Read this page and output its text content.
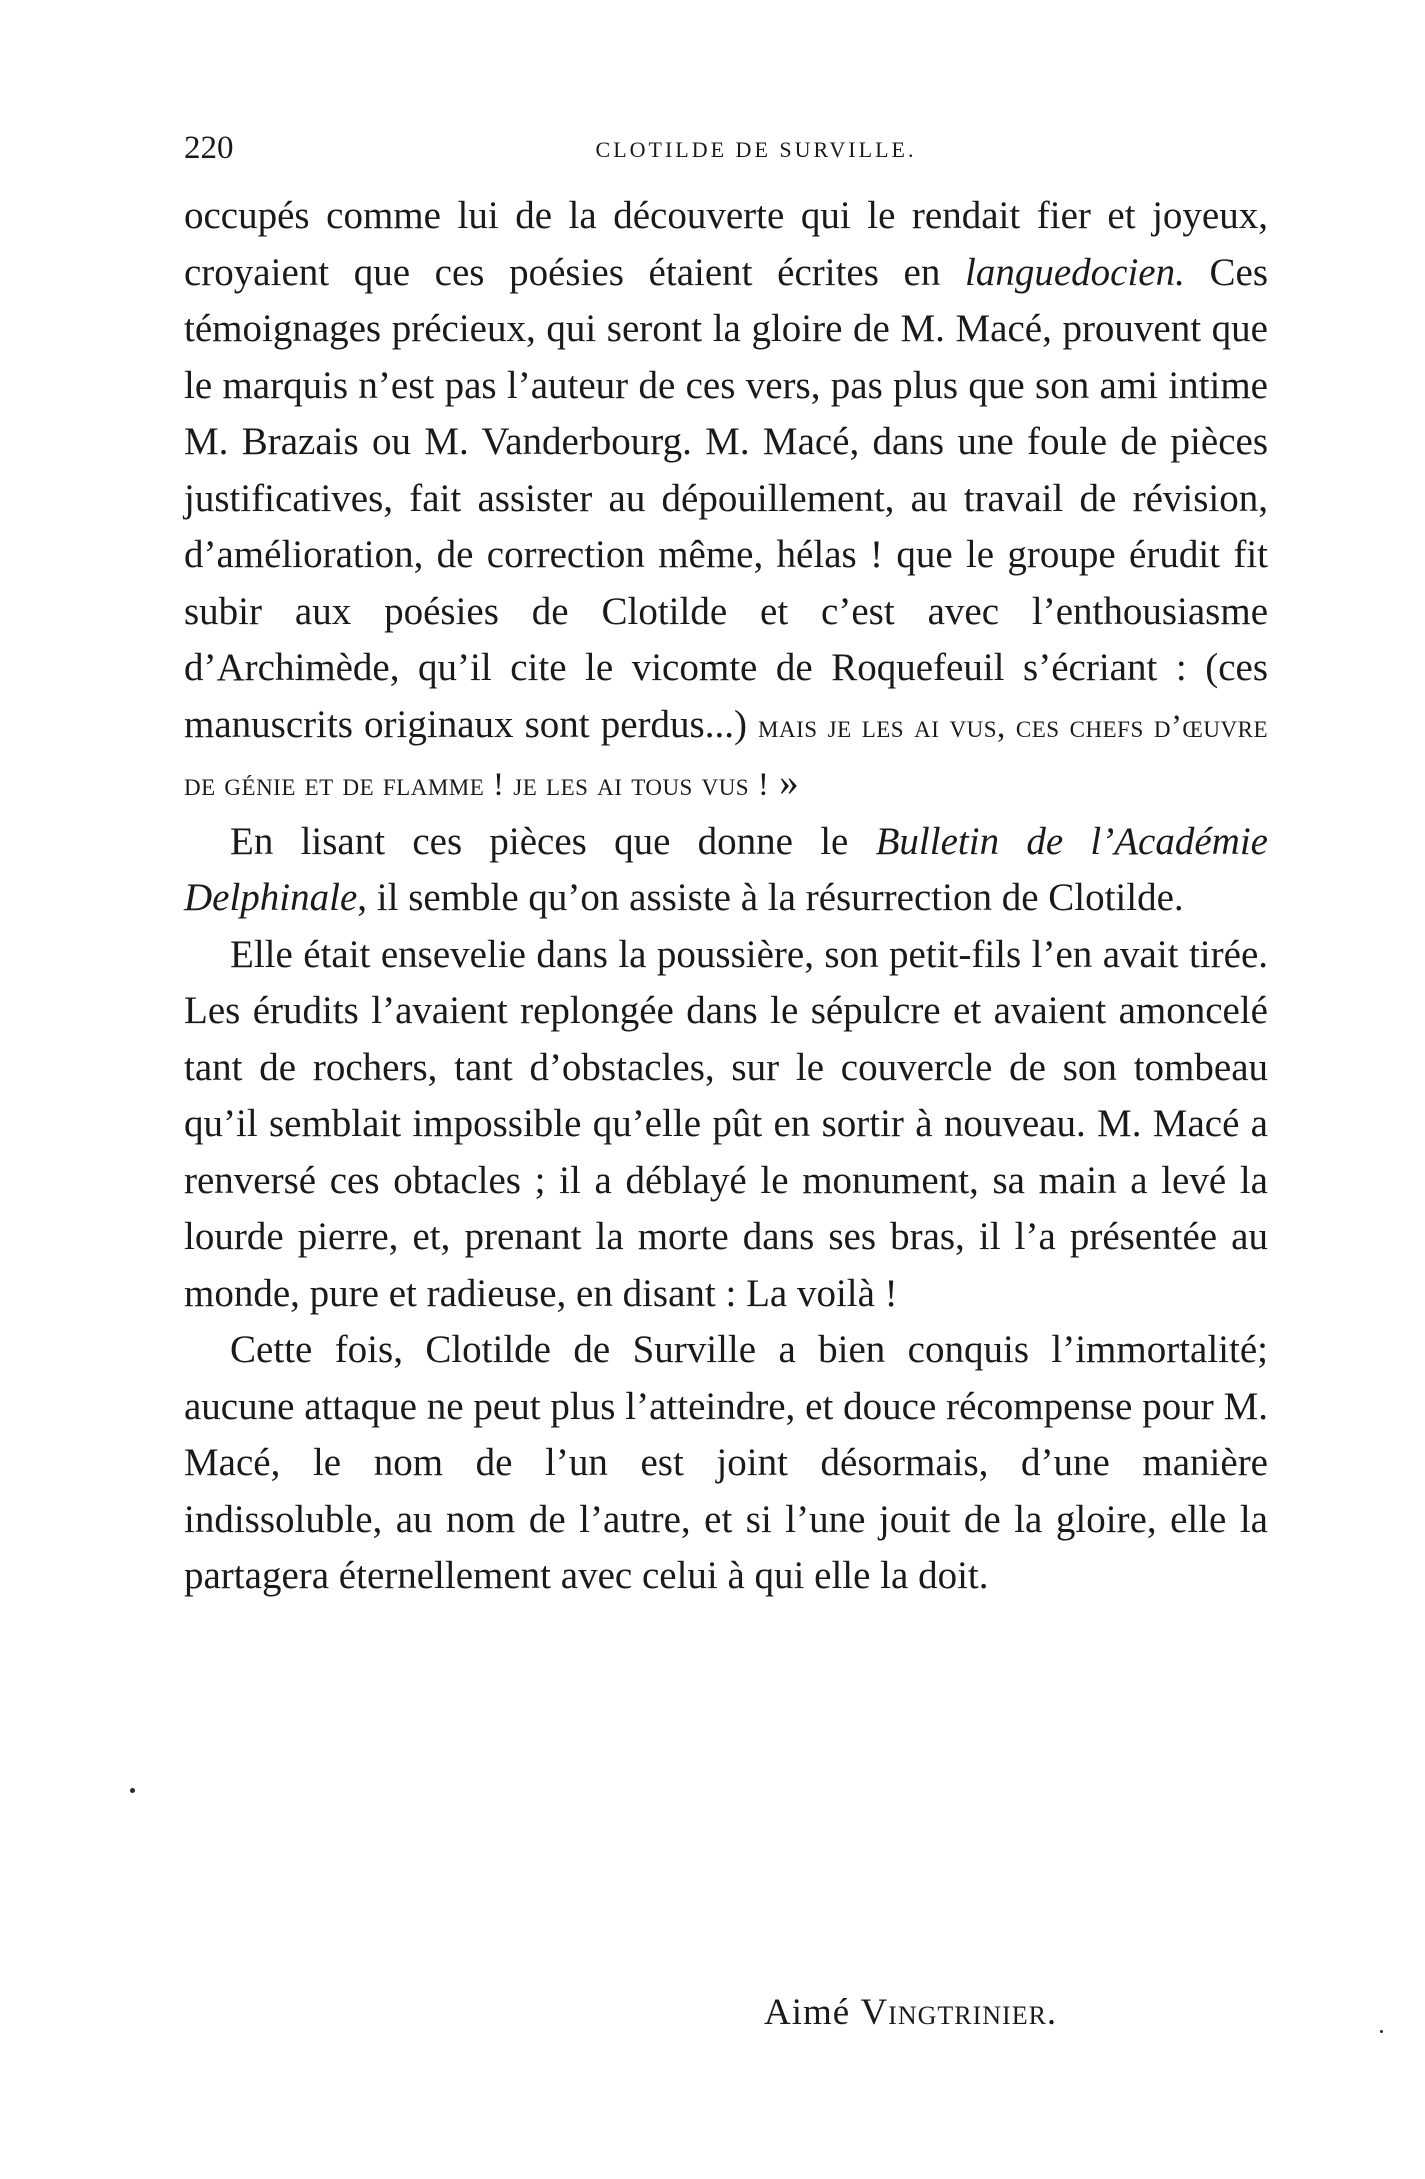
220	CLOTILDE DE SURVILLE.

occupés comme lui de la découverte qui le rendait fier et joyeux, croyaient que ces poésies étaient écrites en languedocien. Ces témoignages précieux, qui seront la gloire de M. Macé, prouvent que le marquis n’est pas l’auteur de ces vers, pas plus que son ami intime M. Brazais ou M. Vanderbourg. M. Macé, dans une foule de pièces justificatives, fait assister au dépouillement, au travail de révision, d’amélioration, de correction même, hélas ! que le groupe érudit fit subir aux poésies de Clotilde et c’est avec l’enthousiasme d’Archimède, qu’il cite le vicomte de Roquefeuil s’écriant : (ces manuscrits originaux sont perdus...) mais je les ai vus, ces chefs d’œuvre de génie et de flamme ! je les ai tous vus ! »

En lisant ces pièces que donne le Bulletin de l’Académie Delphinale, il semble qu’on assiste à la résurrection de Clotilde.

Elle était ensevelie dans la poussière, son petit-fils l’en avait tirée. Les érudits l’avaient replongée dans le sépulcre et avaient amoncelé tant de rochers, tant d’obstacles, sur le couvercle de son tombeau qu’il semblait impossible qu’elle pût en sortir à nouveau. M. Macé a renversé ces obtacles ; il a déblayé le monument, sa main a levé la lourde pierre, et, prenant la morte dans ses bras, il l’a présentée au monde, pure et radieuse, en disant : La voilà !

Cette fois, Clotilde de Surville a bien conquis l’immortalité; aucune attaque ne peut plus l’atteindre, et douce récompense pour M. Macé, le nom de l’un est joint désormais, d’une manière indissoluble, au nom de l’autre, et si l’une jouit de la gloire, elle la partagera éternellement avec celui à qui elle la doit.

Aimé Vingtrinier.
